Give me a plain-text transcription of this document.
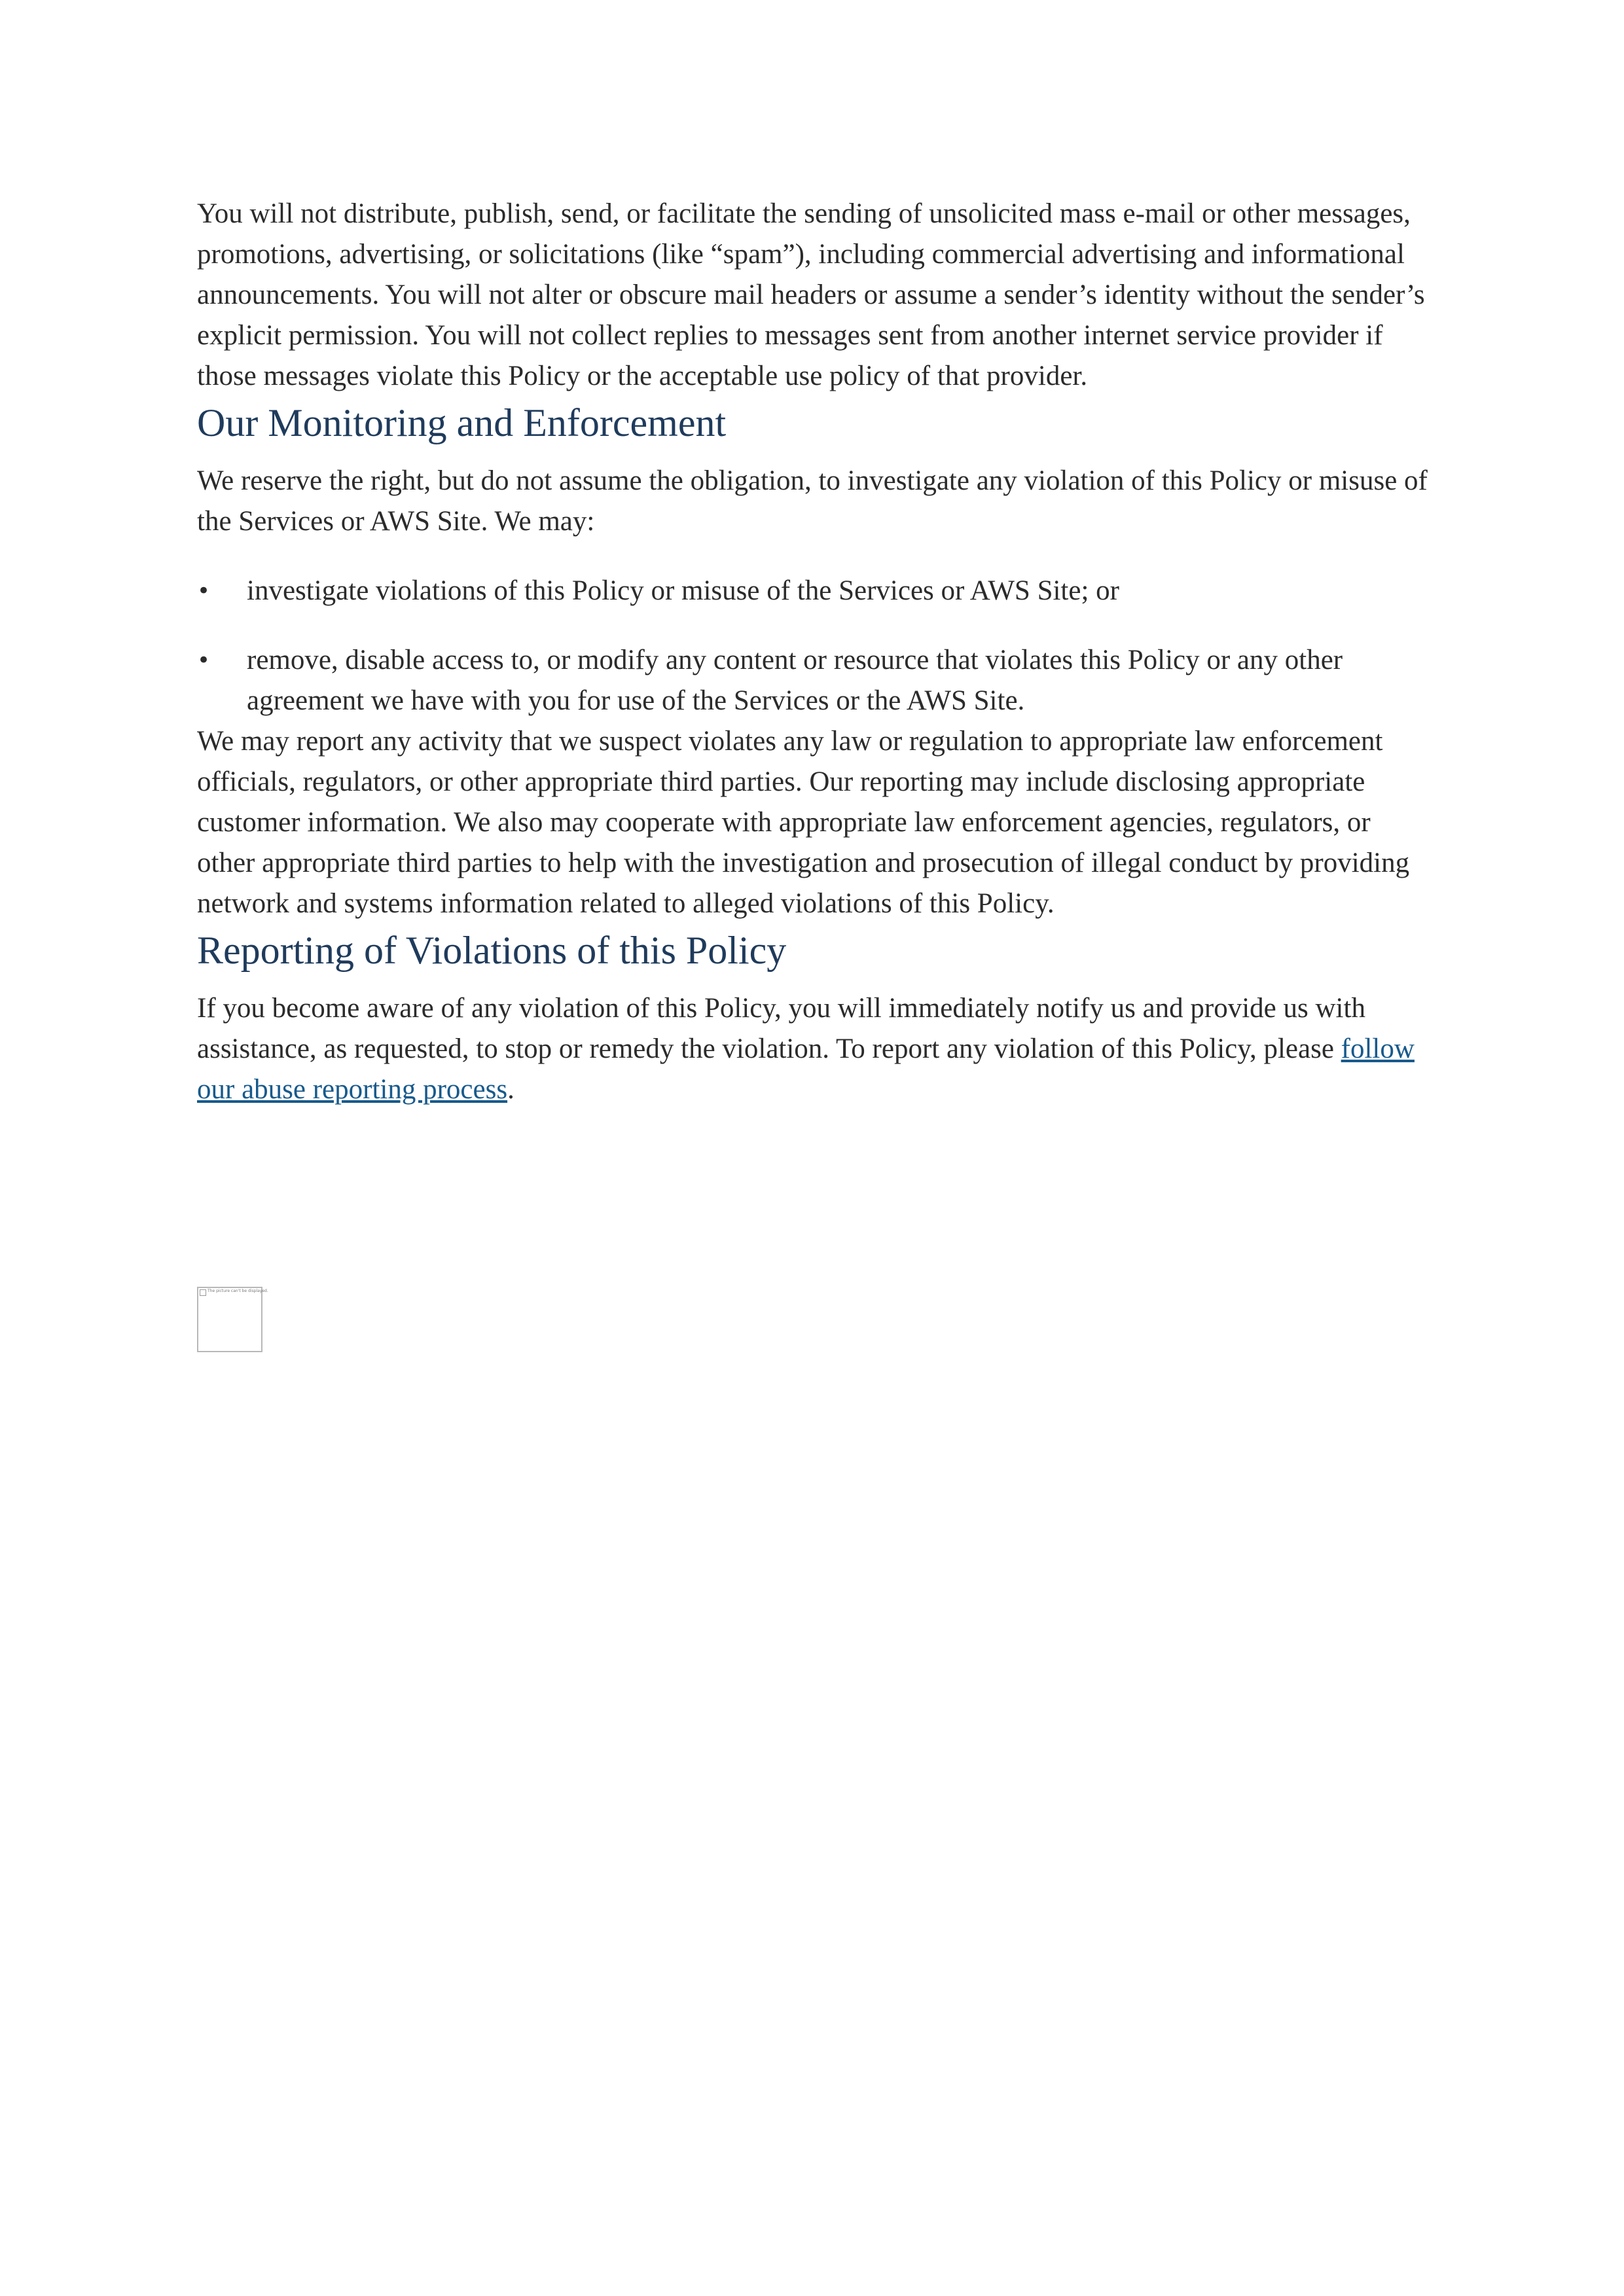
You will not distribute, publish, send, or facilitate the sending of unsolicited mass e-mail or other messages, promotions, advertising, or solicitations (like “spam”), including commercial advertising and informational announcements. You will not alter or obscure mail headers or assume a sender’s identity without the sender’s explicit permission. You will not collect replies to messages sent from another internet service provider if those messages violate this Policy or the acceptable use policy of that provider.

Our Monitoring and Enforcement

We reserve the right, but do not assume the obligation, to investigate any violation of this Policy or misuse of the Services or AWS Site. We may:

• investigate violations of this Policy or misuse of the Services or AWS Site; or
• remove, disable access to, or modify any content or resource that violates this Policy or any other agreement we have with you for use of the Services or the AWS Site.

We may report any activity that we suspect violates any law or regulation to appropriate law enforcement officials, regulators, or other appropriate third parties. Our reporting may include disclosing appropriate customer information. We also may cooperate with appropriate law enforcement agencies, regulators, or other appropriate third parties to help with the investigation and prosecution of illegal conduct by providing network and systems information related to alleged violations of this Policy.

Reporting of Violations of this Policy

If you become aware of any violation of this Policy, you will immediately notify us and provide us with assistance, as requested, to stop or remedy the violation. To report any violation of this Policy, please follow our abuse reporting process.

The picture can't be displayed.
